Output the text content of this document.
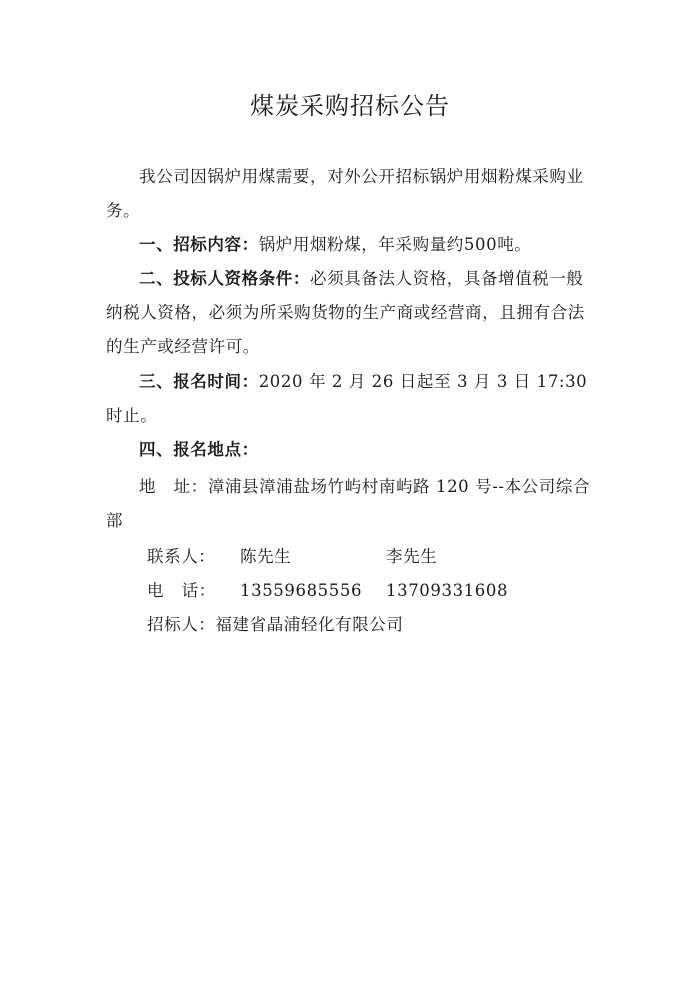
煤炭采购招标公告

我公司因锅炉用煤需要，对外公开招标锅炉用烟粉煤采购业务。

一、招标内容：锅炉用烟粉煤，年采购量约500吨。

二、投标人资格条件：必须具备法人资格，具备增值税一般纳税人资格，必须为所采购货物的生产商或经营商，且拥有合法的生产或经营许可。

三、报名时间：2020 年 2 月 26 日起至 3 月 3 日 17:30 时止。

四、报名地点：

地   址：漳浦县漳浦盐场竹屿村南屿路 120 号--本公司综合部

联系人： 陈先生	李先生
电   话： 13559685556 13709331608
招标人：福建省晶浦轻化有限公司
